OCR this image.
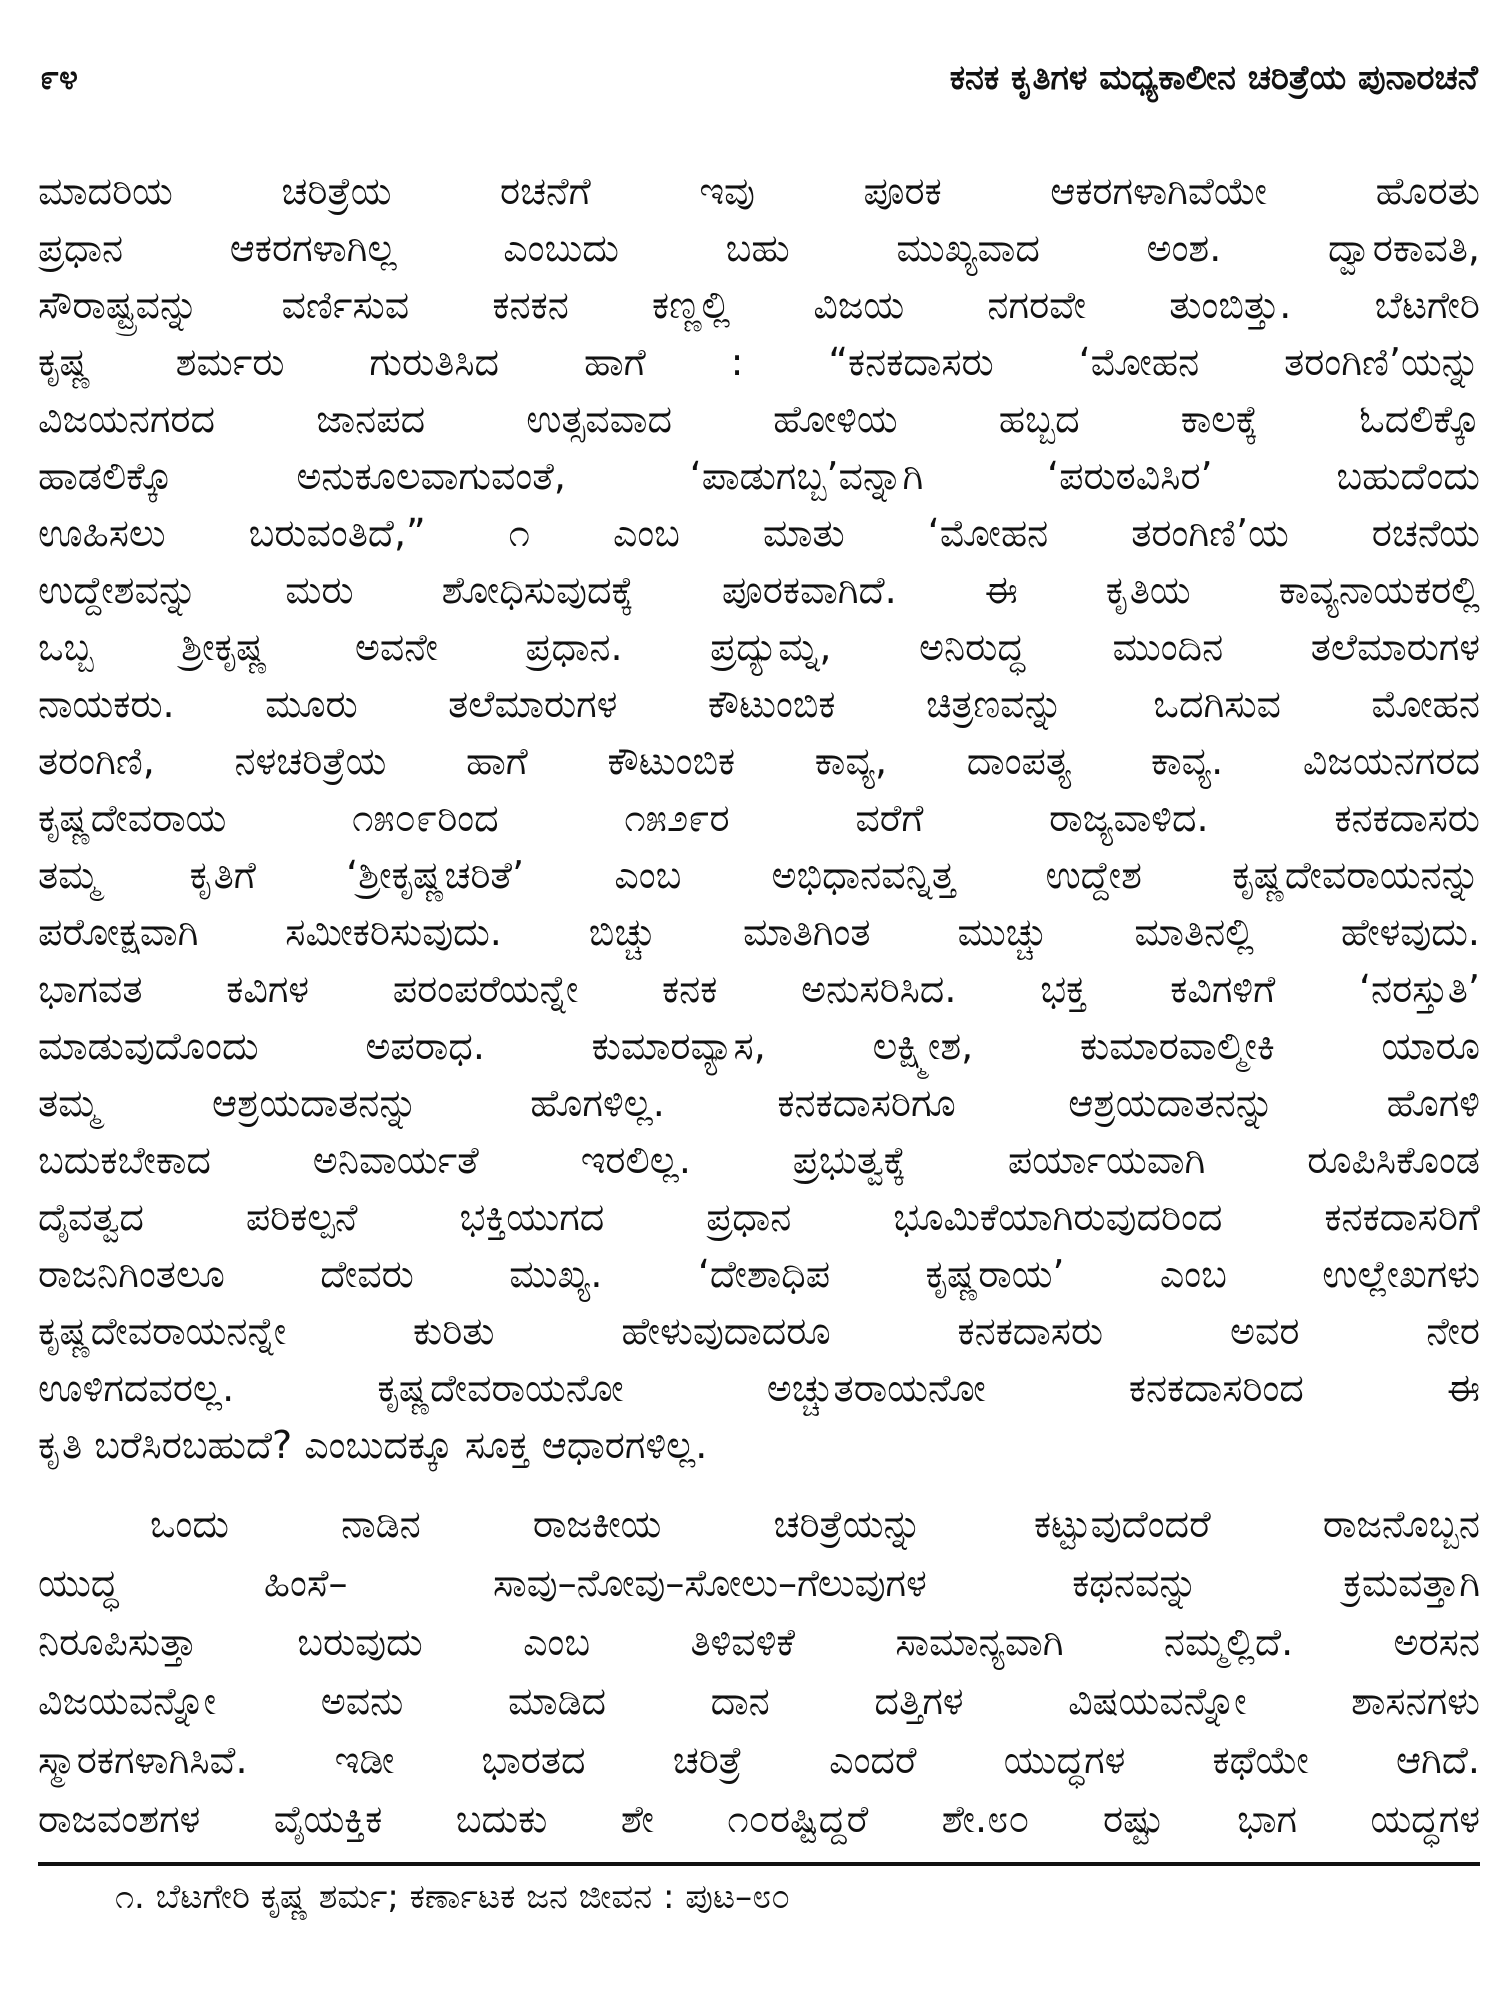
೯೪	ಕನಕ ಕೃತಿಗಳ ಮಧ್ಯಕಾಲೀನ ಚರಿತ್ರೆಯ ಪುನಾರಚನೆ
ಮಾದರಿಯ ಚರಿತ್ರೆಯ ರಚನೆಗೆ ಇವು ಪೂರಕ ಆಕರಗಳಾಗಿವೆಯೇ ಹೊರತು
ಪ್ರಧಾನ ಆಕರಗಳಾಗಿಲ್ಲ ಎಂಬುದು ಬಹು ಮುಖ್ಯವಾದ ಅಂಶ. ದ್ವಾರಕಾವತಿ,
ಸೌರಾಷ್ಟ್ರವನ್ನು ವರ್ಣಿಸುವ ಕನಕನ ಕಣ್ಣಲ್ಲಿ ವಿಜಯ ನಗರವೇ ತುಂಬಿತ್ತು. ಬೆಟಗೇರಿ
ಕೃಷ್ಣ ಶರ್ಮರು ಗುರುತಿಸಿದ ಹಾಗೆ : “ಕನಕದಾಸರು ‘ಮೋಹನ ತರಂಗಿಣಿ’ಯನ್ನು
ವಿಜಯನಗರದ ಜಾನಪದ ಉತ್ಸವವಾದ ಹೋಳಿಯ ಹಬ್ಬದ ಕಾಲಕ್ಕೆ ಓದಲಿಕ್ಕೊ
ಹಾಡಲಿಕ್ಕೊ ಅನುಕೂಲವಾಗುವಂತೆ, ‘ಪಾಡುಗಬ್ಬ’ವನ್ನಾಗಿ ‘ಪರುಠವಿಸಿರ’ ಬಹುದೆಂದು
ಊಹಿಸಲು ಬರುವಂತಿದೆ,” ೧ ಎಂಬ ಮಾತು ‘ಮೋಹನ ತರಂಗಿಣಿ’ಯ ರಚನೆಯ
ಉದ್ದೇಶವನ್ನು ಮರು ಶೋಧಿಸುವುದಕ್ಕೆ ಪೂರಕವಾಗಿದೆ. ಈ ಕೃತಿಯ ಕಾವ್ಯನಾಯಕರಲ್ಲಿ
ಒಬ್ಬ ಶ್ರೀಕೃಷ್ಣ ಅವನೇ ಪ್ರಧಾನ. ಪ್ರದ್ಯುಮ್ನ, ಅನಿರುದ್ಧ ಮುಂದಿನ ತಲೆಮಾರುಗಳ
ನಾಯಕರು. ಮೂರು ತಲೆಮಾರುಗಳ ಕೌಟುಂಬಿಕ ಚಿತ್ರಣವನ್ನು ಒದಗಿಸುವ ಮೋಹನ
ತರಂಗಿಣಿ, ನಳಚರಿತ್ರೆಯ ಹಾಗೆ ಕೌಟುಂಬಿಕ ಕಾವ್ಯ, ದಾಂಪತ್ಯ ಕಾವ್ಯ. ವಿಜಯನಗರದ
ಕೃಷ್ಣದೇವರಾಯ ೧೫೦೯ರಿಂದ ೧೫೨೯ರ ವರೆಗೆ ರಾಜ್ಯವಾಳಿದ. ಕನಕದಾಸರು
ತಮ್ಮ ಕೃತಿಗೆ ‘ಶ್ರೀಕೃಷ್ಣಚರಿತೆ’ ಎಂಬ ಅಭಿಧಾನವನ್ನಿತ್ತ ಉದ್ದೇಶ ಕೃಷ್ಣದೇವರಾಯನನ್ನು
ಪರೋಕ್ಷವಾಗಿ ಸಮೀಕರಿಸುವುದು. ಬಿಚ್ಚು ಮಾತಿಗಿಂತ ಮುಚ್ಚು ಮಾತಿನಲ್ಲಿ ಹೇಳವುದು.
ಭಾಗವತ ಕವಿಗಳ ಪರಂಪರೆಯನ್ನೇ ಕನಕ ಅನುಸರಿಸಿದ. ಭಕ್ತ ಕವಿಗಳಿಗೆ ‘ನರಸ್ತುತಿ’
ಮಾಡುವುದೊಂದು ಅಪರಾಧ. ಕುಮಾರವ್ಯಾಸ, ಲಕ್ಷ್ಮೀಶ, ಕುಮಾರವಾಲ್ಮೀಕಿ ಯಾರೂ
ತಮ್ಮ ಆಶ್ರಯದಾತನನ್ನು ಹೊಗಳಿಲ್ಲ. ಕನಕದಾಸರಿಗೂ ಆಶ್ರಯದಾತನನ್ನು ಹೊಗಳಿ
ಬದುಕಬೇಕಾದ ಅನಿವಾರ್ಯತೆ ಇರಲಿಲ್ಲ. ಪ್ರಭುತ್ವಕ್ಕೆ ಪರ್ಯಾಯವಾಗಿ ರೂಪಿಸಿಕೊಂಡ
ದೈವತ್ವದ ಪರಿಕಲ್ಪನೆ ಭಕ್ತಿಯುಗದ ಪ್ರಧಾನ ಭೂಮಿಕೆಯಾಗಿರುವುದರಿಂದ ಕನಕದಾಸರಿಗೆ
ರಾಜನಿಗಿಂತಲೂ ದೇವರು ಮುಖ್ಯ. ‘ದೇಶಾಧಿಪ ಕೃಷ್ಣರಾಯ’ ಎಂಬ ಉಲ್ಲೇಖಗಳು
ಕೃಷ್ಣದೇವರಾಯನನ್ನೇ ಕುರಿತು ಹೇಳುವುದಾದರೂ ಕನಕದಾಸರು ಅವರ ನೇರ
ಊಳಿಗದವರಲ್ಲ. ಕೃಷ್ಣದೇವರಾಯನೋ ಅಚ್ಚುತರಾಯನೋ ಕನಕದಾಸರಿಂದ ಈ
ಕೃತಿ ಬರೆಸಿರಬಹುದೆ? ಎಂಬುದಕ್ಕೂ ಸೂಕ್ತ ಆಧಾರಗಳಿಲ್ಲ.
ಒಂದು ನಾಡಿನ ರಾಜಕೀಯ ಚರಿತ್ರೆಯನ್ನು ಕಟ್ಟುವುದೆಂದರೆ ರಾಜನೊಬ್ಬನ
ಯುದ್ಧ ಹಿಂಸೆ– ಸಾವು–ನೋವು–ಸೋಲು–ಗೆಲುವುಗಳ ಕಥನವನ್ನು ಕ್ರಮವತ್ತಾಗಿ
ನಿರೂಪಿಸುತ್ತಾ ಬರುವುದು ಎಂಬ ತಿಳಿವಳಿಕೆ ಸಾಮಾನ್ಯವಾಗಿ ನಮ್ಮಲ್ಲಿದೆ. ಅರಸನ
ವಿಜಯವನ್ನೋ ಅವನು ಮಾಡಿದ ದಾನ ದತ್ತಿಗಳ ವಿಷಯವನ್ನೋ ಶಾಸನಗಳು
ಸ್ಮಾರಕಗಳಾಗಿಸಿವೆ. ಇಡೀ ಭಾರತದ ಚರಿತ್ರೆ ಎಂದರೆ ಯುದ್ಧಗಳ ಕಥೆಯೇ ಆಗಿದೆ.
ರಾಜವಂಶಗಳ ವೈಯಕ್ತಿಕ ಬದುಕು ಶೇ ೧೦ರಷ್ಟಿದ್ದರೆ ಶೇ.೮೦ ರಷ್ಟು ಭಾಗ ಯದ್ಧಗಳ
೧. ಬೆಟಗೇರಿ ಕೃಷ್ಣ ಶರ್ಮ; ಕರ್ಣಾಟಕ ಜನ ಜೀವನ : ಪುಟ–೮೦
